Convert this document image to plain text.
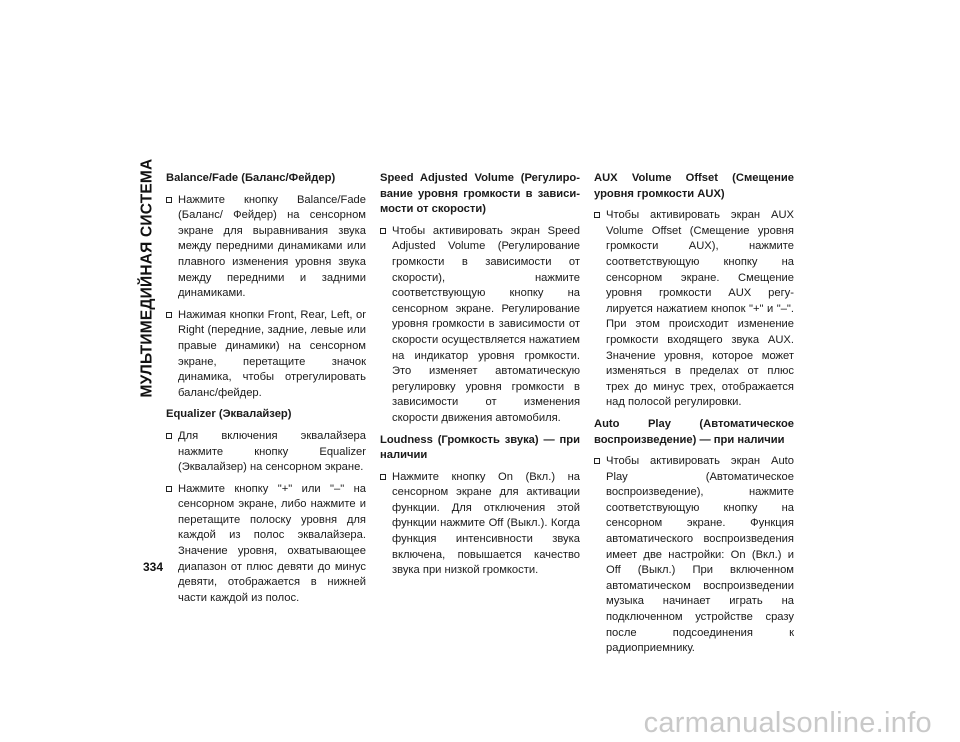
МУЛЬТИМЕДИЙНАЯ СИСТЕМА
334

Balance/Fade (Баланс/Фейдер)

Нажмите кнопку Balance/Fade (Баланс/ Фейдер) на сенсорном экране для выравнивания звука между передними динамиками или плавного изменения уровня звука между передними и задними динамиками.
Нажимая кнопки Front, Rear, Left, or Right (передние, задние, левые или правые динамики) на сенсорном экране, перетащите значок динамика, чтобы отрегулировать баланс/фейдер.

Equalizer (Эквалайзер)

Для включения эквалайзера нажмите кнопку Equalizer (Эквалайзер) на сенсорном экране.
Нажмите кнопку "+" или "–" на сенсорном экране, либо нажмите и перетащите полоску уровня для каждой из полос эквалайзера. Значение уровня, охватывающее диапазон от плюс девяти до минус девяти, отображается в нижней части каждой из полос.

Speed Adjusted Volume (Регулирование уровня громкости в зависимости от скорости)

Чтобы активировать экран Speed Adjusted Volume (Регулирование громкости в зависимости от скорости), нажмите соответствующую кнопку на сенсорном экране. Регулирование уровня громкости в зависимости от скорости осуществляется нажатием на индикатор уровня громкости. Это изменяет автоматическую регулировку уровня громкости в зависимости от изменения скорости движения автомобиля.

Loudness (Громкость звука) — при наличии

Нажмите кнопку On (Вкл.) на сенсорном экране для активации функции. Для отключения этой функции нажмите Off (Выкл.). Когда функция интенсивности звука включена, повышается качество звука при низкой громкости.

AUX Volume Offset (Смещение уровня громкости AUX)

Чтобы активировать экран AUX Volume Offset (Смещение уровня громкости AUX), нажмите соответствующую кнопку на сенсорном экране. Смещение уровня громкости AUX регулируется нажатием кнопок "+" и "–". При этом происходит изменение громкости входящего звука AUX. Значение уровня, которое может изменяться в пределах от плюс трех до минус трех, отображается над полосой регулировки.

Auto Play (Автоматическое воспроизведение) — при наличии

Чтобы активировать экран Auto Play (Автоматическое воспроизведение), нажмите соответствующую кнопку на сенсорном экране. Функция автоматического воспроизведения имеет две настройки: On (Вкл.) и Off (Выкл.) При включенном автоматическом воспроизведении музыка начинает играть на подключенном устройстве сразу после подсоединения к радиоприемнику.
carmanualsonline.info
